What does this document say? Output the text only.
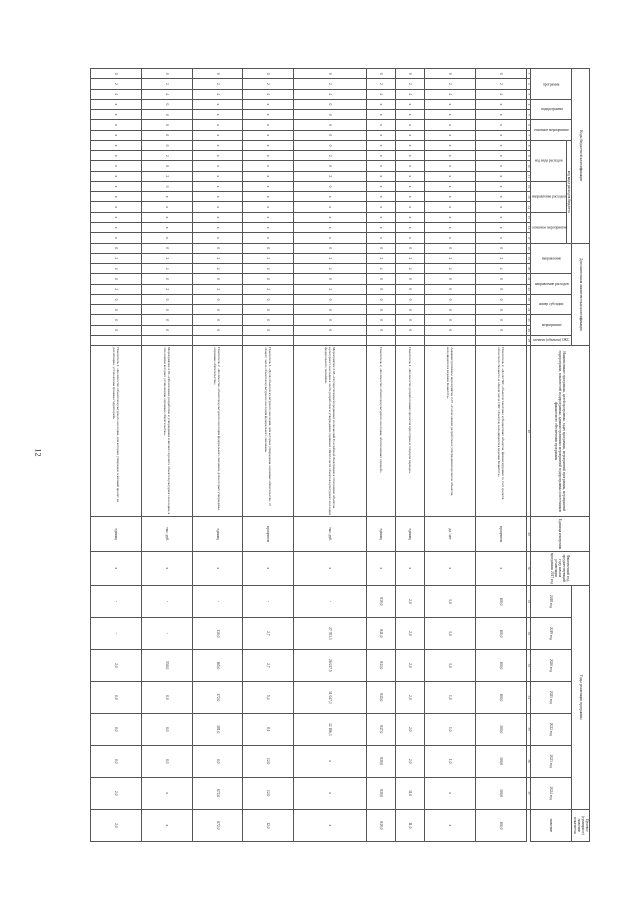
12
Коды бюджетной классификации																	Дополнительная аналитическая классификация										Наименование программы, целей программы, задач программы, мероприятий программы, мероприятий подпрограмм, показателей подпрограммы, административных мероприятий подпрограммы и источников финансового обеспечения программы	Единица измерения	Фактический год, предшествующий году начала реализации программы 2017 год	Годы реализации программы							Целевое (суммарное) значение показателя
программа			подпрограмма		основное мероприятие		код вида расходов бюджета										направление			направление расходов		номер субсидии		мероприятие		элемент (объекты) ОКС				2018 год	2019 год	2020 год	2021 год	2022 год	2023 год	2024 год	значение
							код вида расходов				направление расходов			основное мероприятие																							
1	2	3	4	5	6	7	8	9	10	11	12	13	14	15	16	17	18	19	20	21	22	23	24	25	26	27	28	29	30	31	32	33	34	35	36	37	
0	2	4	х	х	х	х	х	х	х	х	х	х	х	х	х	х	0	2	4	0	0	0	0	0	0		Показатель 2. «Доля ОКС объектов заказчика и бюджетных объектов, финансируемых за счет средств областного бюджета, в общем числе ОКС объектов, находящихся в ведении Комитета»	процентов	х	100,0	100,0	100,0	100,0	100,0	100,0	100,0	100,0
0	2	4	х	х	х	х	х	х	х	х	х	х	х	х	х	х	0	2	4	0	0	0	0	0	0		Административное мероприятие 2.07 «Согласование разработки и утверждения проектов объектов, находящихся в ведении Комитета»	да / нет	х	1,0	1,0	1,0	1,0	1,0	1,0	х	х
0	2	4	х	х	х	х	х	х	х	х	х	х	х	х	х	х	0	2	4	0	0	0	0	0	0		Показатель 1. «Количество разработанных проектов при охране в текущем периоде»	единиц	х	2,0	2,0	2,0	2,0	2,0	2,0	11,0	11,0
0	2	4	х	х	х	х	х	х	х	х	х	х	х	х	х	х	0	2	4	0	0	0	0	0	0		Показатель 2. «Количество объектов культурного наследия, обеспеченных охраной»	единиц	х	839,0	841,0	843,0	845,0	847,0	849,0	849,0	849,0
0	2	4	0	0	0	0	0	2	0	2	0	х	х	х	х	х	0	2	4	0	2	0	0	0	0		Мероприятие 2.08 «Осуществление переданных полномочий Российской Федерации в отношении объектов культурного наследия в части разработки и утверждения охранных обязательств объектов культурного наследия федерального значения»	тыс. руб.	х	-	27 703,3	26 027,5	31 047,3	32 186,3	х	х	х
0	2	4	х	х	х	х	х	х	х	х	х	х	х	х	х	х	0	2	4	0	2	0	0	0	0		Показатель 1. «Доля объектов культурного наследия, для которых утверждены охранные обязательства, от общего числа объектов культурного наследия федерального значения»	процентов	х	-	2,7	2,7	5,4	8,1	12,0	12,0	12,0
0	2	4	х	х	х	х	х	х	х	х	х	х	х	х	х	х	0	2	4	0	2	0	0	0	0		Показатель 2. «Количество объектов культурного наследия федерального значения, для которых утверждены охранные обязательства»	единиц	х	-	130,0	165,0	172,0	181,0	0,0	672,0	672,0
0	2	4	0	0	0	0	0	2	0	2	0	х	х	х	х	х	0	2	4	0	2	0	0	0	0		Мероприятие 2.09 «Обеспечение разработки и утверждения эскизного проекта объекта культурного наследия, в отношении которых установлены охранные обязательства»	тыс. руб.	х	-	-	550,0	0,0	0,0	0,0	х	х
0	2	4	х	х	х	х	х	х	х	х	х	х	х	х	х	х	0	2	4	0	2	0	0	0	0		Показатель 1. «Количество объектов культурного наследия, для которых утвержден эскизный проект на реализацию, установлены границы территорий»	единиц	х	-	-	2,0	0,0	0,0	0,0	2,0	2,0
